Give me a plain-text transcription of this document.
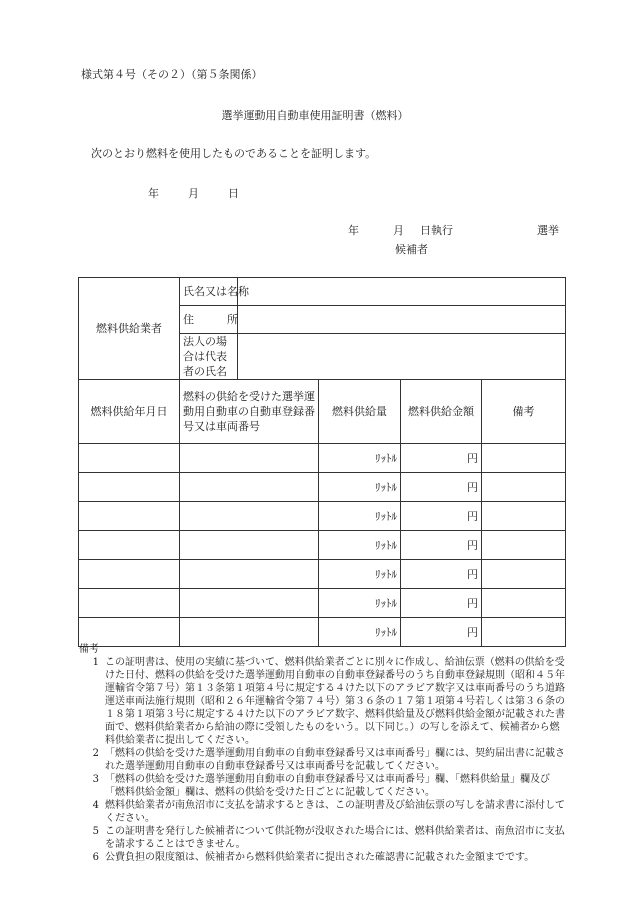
様式第４号（その２）（第５条関係）
選挙運動用自動車使用証明書（燃料）
次のとおり燃料を使用したものであることを証明します。
年	月	日
年	月 日執行	選挙
候補者
燃料供給業者	氏名又は名称				
	住　　　所				
	法人の場合は代表者の氏名				
燃料供給年月日	燃料の供給を受けた選挙運動用自動車の自動車登録番号又は車両番号		燃料供給量	燃料供給金額	備考
			ﾘｯﾄﾙ	円	
			ﾘｯﾄﾙ	円	
			ﾘｯﾄﾙ	円	
			ﾘｯﾄﾙ	円	
			ﾘｯﾄﾙ	円	
			ﾘｯﾄﾙ	円	
			ﾘｯﾄﾙ	円	
備考
1 この証明書は、使用の実績に基づいて、燃料供給業者ごとに別々に作成し、給油伝票（燃料の供給を受けた日付、燃料の供給を受けた選挙運動用自動車の自動車登録番号のうち自動車登録規則（昭和４５年運輸省令第７号）第１３条第１項第４号に規定する４けた以下のアラビア数字又は車両番号のうち道路運送車両法施行規則（昭和２６年運輸省令第７４号）第３６条の１７第１項第４号若しくは第３６条の１８第１項第３号に規定する４けた以下のアラビア数字、燃料供給量及び燃料供給金額が記載された書面で、燃料供給業者から給油の際に受領したものをいう。以下同じ。）の写しを添えて、候補者から燃料供給業者に提出してください。
2 「燃料の供給を受けた選挙運動用自動車の自動車登録番号又は車両番号」欄には、契約届出書に記載された選挙運動用自動車の自動車登録番号又は車両番号を記載してください。
3 「燃料の供給を受けた選挙運動用自動車の自動車登録番号又は車両番号」欄、「燃料供給量」欄及び「燃料供給金額」欄は、燃料の供給を受けた日ごとに記載してください。
4 燃料供給業者が南魚沼市に支払を請求するときは、この証明書及び給油伝票の写しを請求書に添付してください。
5 この証明書を発行した候補者について供託物が没収された場合には、燃料供給業者は、南魚沼市に支払を請求することはできません。
6 公費負担の限度額は、候補者から燃料供給業者に提出された確認書に記載された金額までです。
